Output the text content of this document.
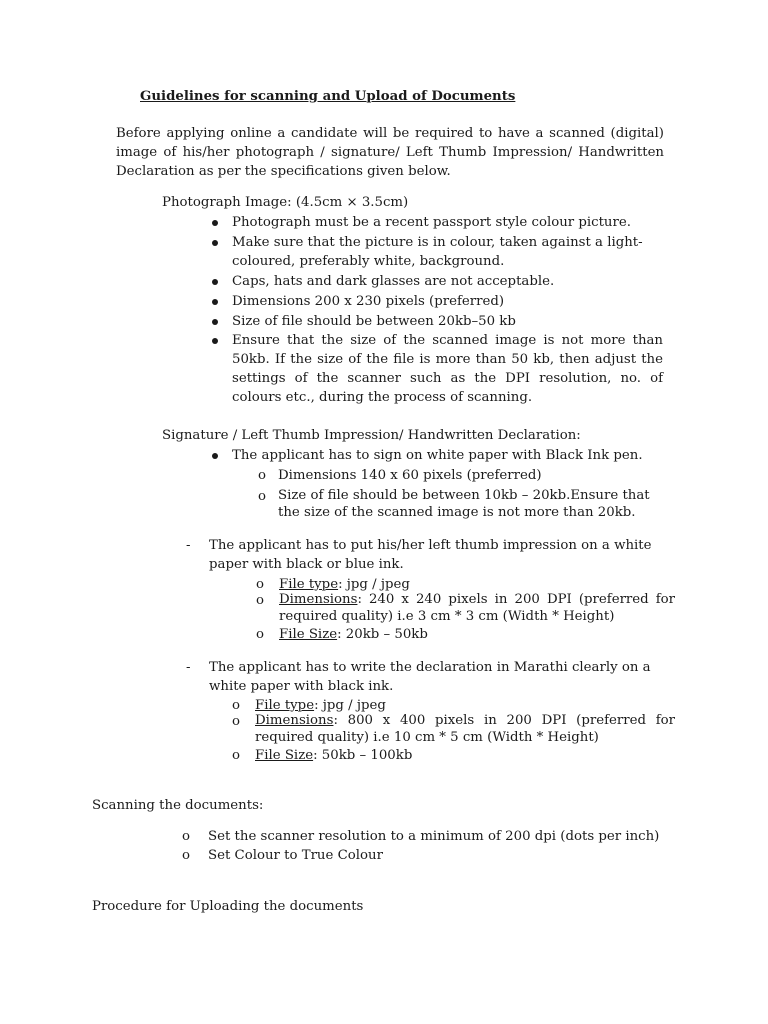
Guidelines for scanning and Upload of Documents
Before applying online a candidate will be required to have a scanned (digital) image of his/her photograph / signature/ Left Thumb Impression/ Handwritten Declaration as per the specifications given below.
Photograph Image: (4.5cm × 3.5cm)
Photograph must be a recent passport style colour picture.
Make sure that the picture is in colour, taken against a light-coloured, preferably white, background.
Caps, hats and dark glasses are not acceptable.
Dimensions 200 x 230 pixels (preferred)
Size of file should be between 20kb–50 kb
Ensure that the size of the scanned image is not more than 50kb. If the size of the file is more than 50 kb, then adjust the settings of the scanner such as the DPI resolution, no. of colours etc., during the process of scanning.
Signature / Left Thumb Impression/ Handwritten Declaration:
The applicant has to sign on white paper with Black Ink pen.
o Dimensions 140 x 60 pixels (preferred)
o Size of file should be between 10kb – 20kb.Ensure that the size of the scanned image is not more than 20kb.
- The applicant has to put his/her left thumb impression on a white paper with black or blue ink.
o File type: jpg / jpeg
o Dimensions: 240 x 240 pixels in 200 DPI (preferred for required quality) i.e 3 cm * 3 cm (Width * Height)
o File Size: 20kb – 50kb
- The applicant has to write the declaration in Marathi clearly on a white paper with black ink.
o File type: jpg / jpeg
o Dimensions: 800 x 400 pixels in 200 DPI (preferred for required quality) i.e 10 cm * 5 cm (Width * Height)
o File Size: 50kb – 100kb
Scanning the documents:
o Set the scanner resolution to a minimum of 200 dpi (dots per inch)
o Set Colour to True Colour
Procedure for Uploading the documents
